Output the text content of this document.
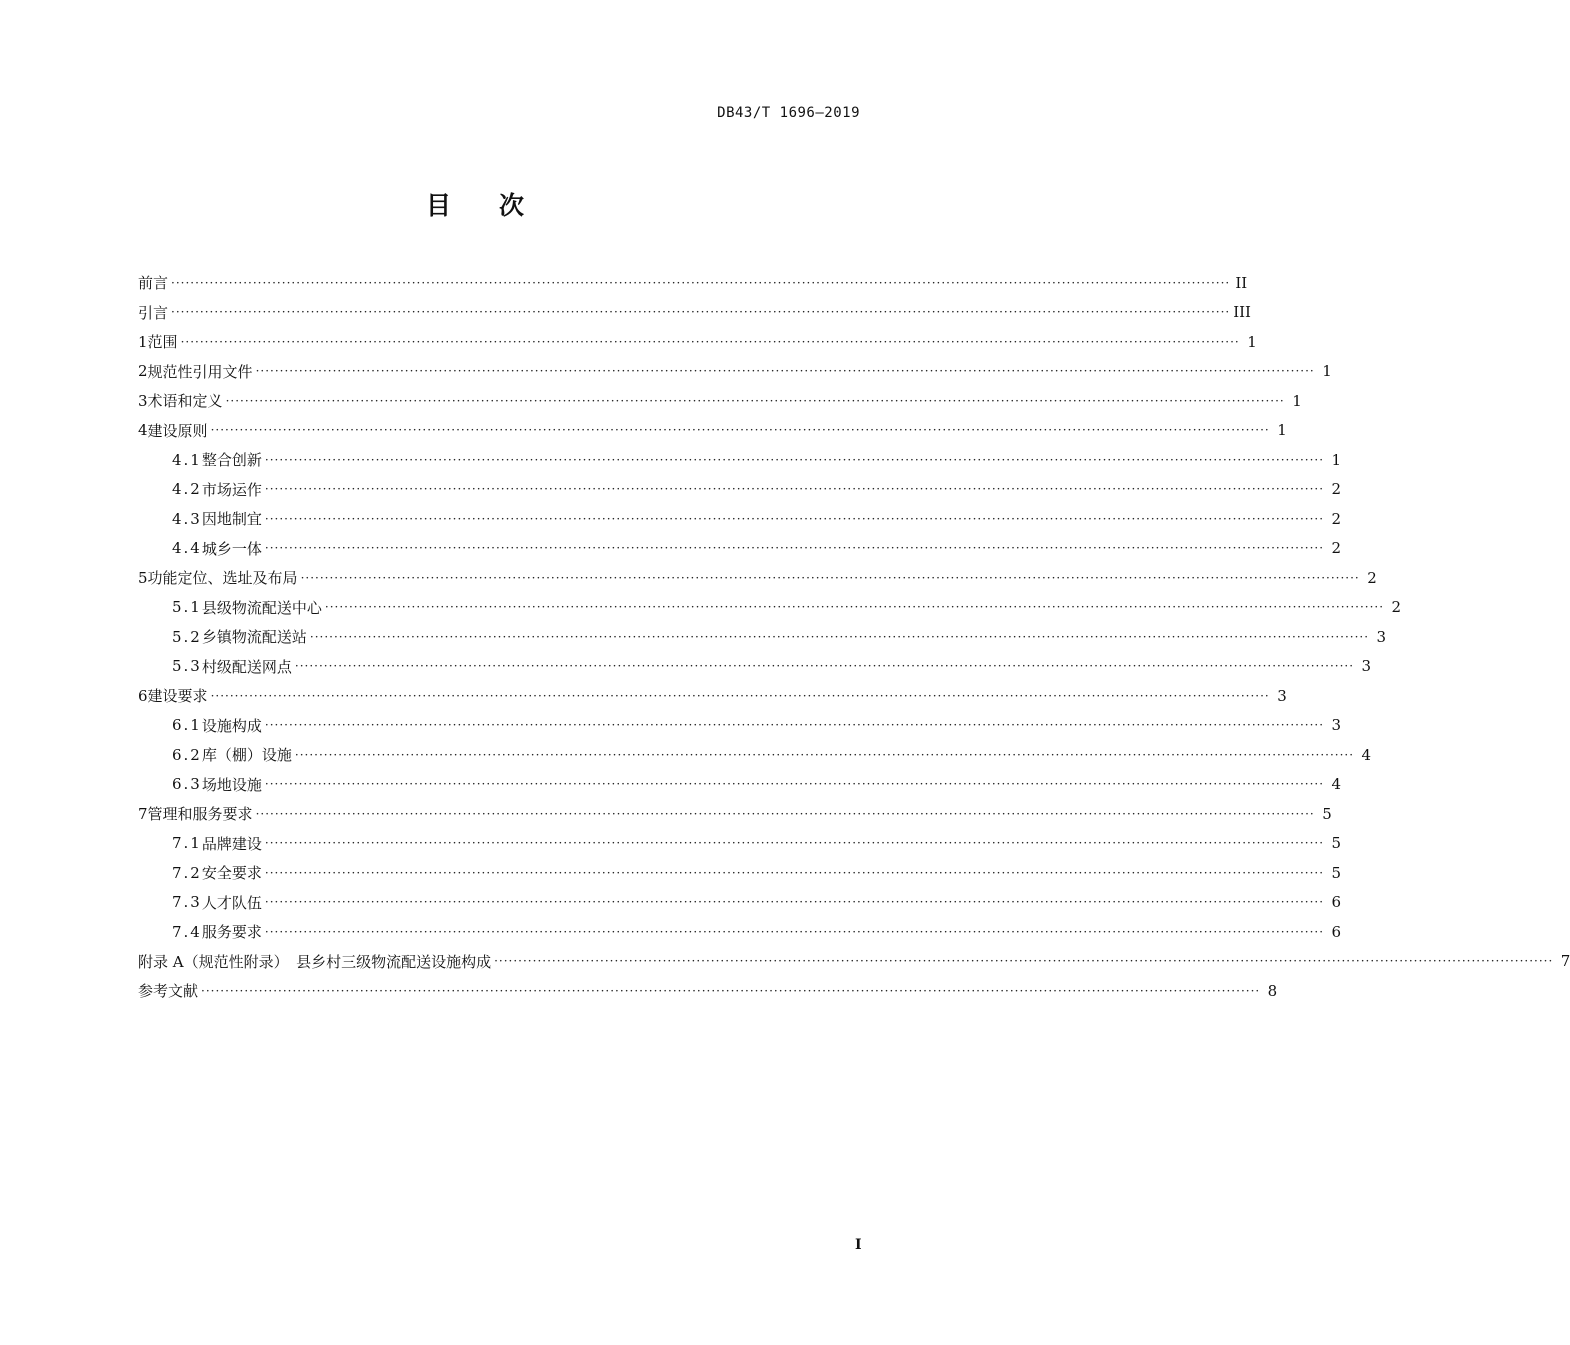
DB43/T 1696—2019
目 次
前言 ···························································································································································································································· II
引言 ···························································································································································································································· III
1 范围 ···························································································································································································································· 1
2 规范性引用文件 ···························································································································································································································· 1
3 术语和定义 ···························································································································································································································· 1
4 建设原则 ···························································································································································································································· 1
4.1 整合创新 ···························································································································································································································· 1
4.2 市场运作 ···························································································································································································································· 2
4.3 因地制宜 ···························································································································································································································· 2
4.4 城乡一体 ···························································································································································································································· 2
5 功能定位、选址及布局 ···························································································································································································································· 2
5.1 县级物流配送中心 ···························································································································································································································· 2
5.2 乡镇物流配送站 ···························································································································································································································· 3
5.3 村级配送网点 ···························································································································································································································· 3
6 建设要求 ···························································································································································································································· 3
6.1 设施构成 ···························································································································································································································· 3
6.2 库（棚）设施 ···························································································································································································································· 4
6.3 场地设施 ···························································································································································································································· 4
7 管理和服务要求 ···························································································································································································································· 5
7.1 品牌建设 ···························································································································································································································· 5
7.2 安全要求 ···························································································································································································································· 5
7.3 人才队伍 ···························································································································································································································· 6
7.4 服务要求 ···························································································································································································································· 6
附录 A（规范性附录）　县乡村三级物流配送设施构成 ···························································································································································································································· 7
参考文献 ···························································································································································································································· 8
I
